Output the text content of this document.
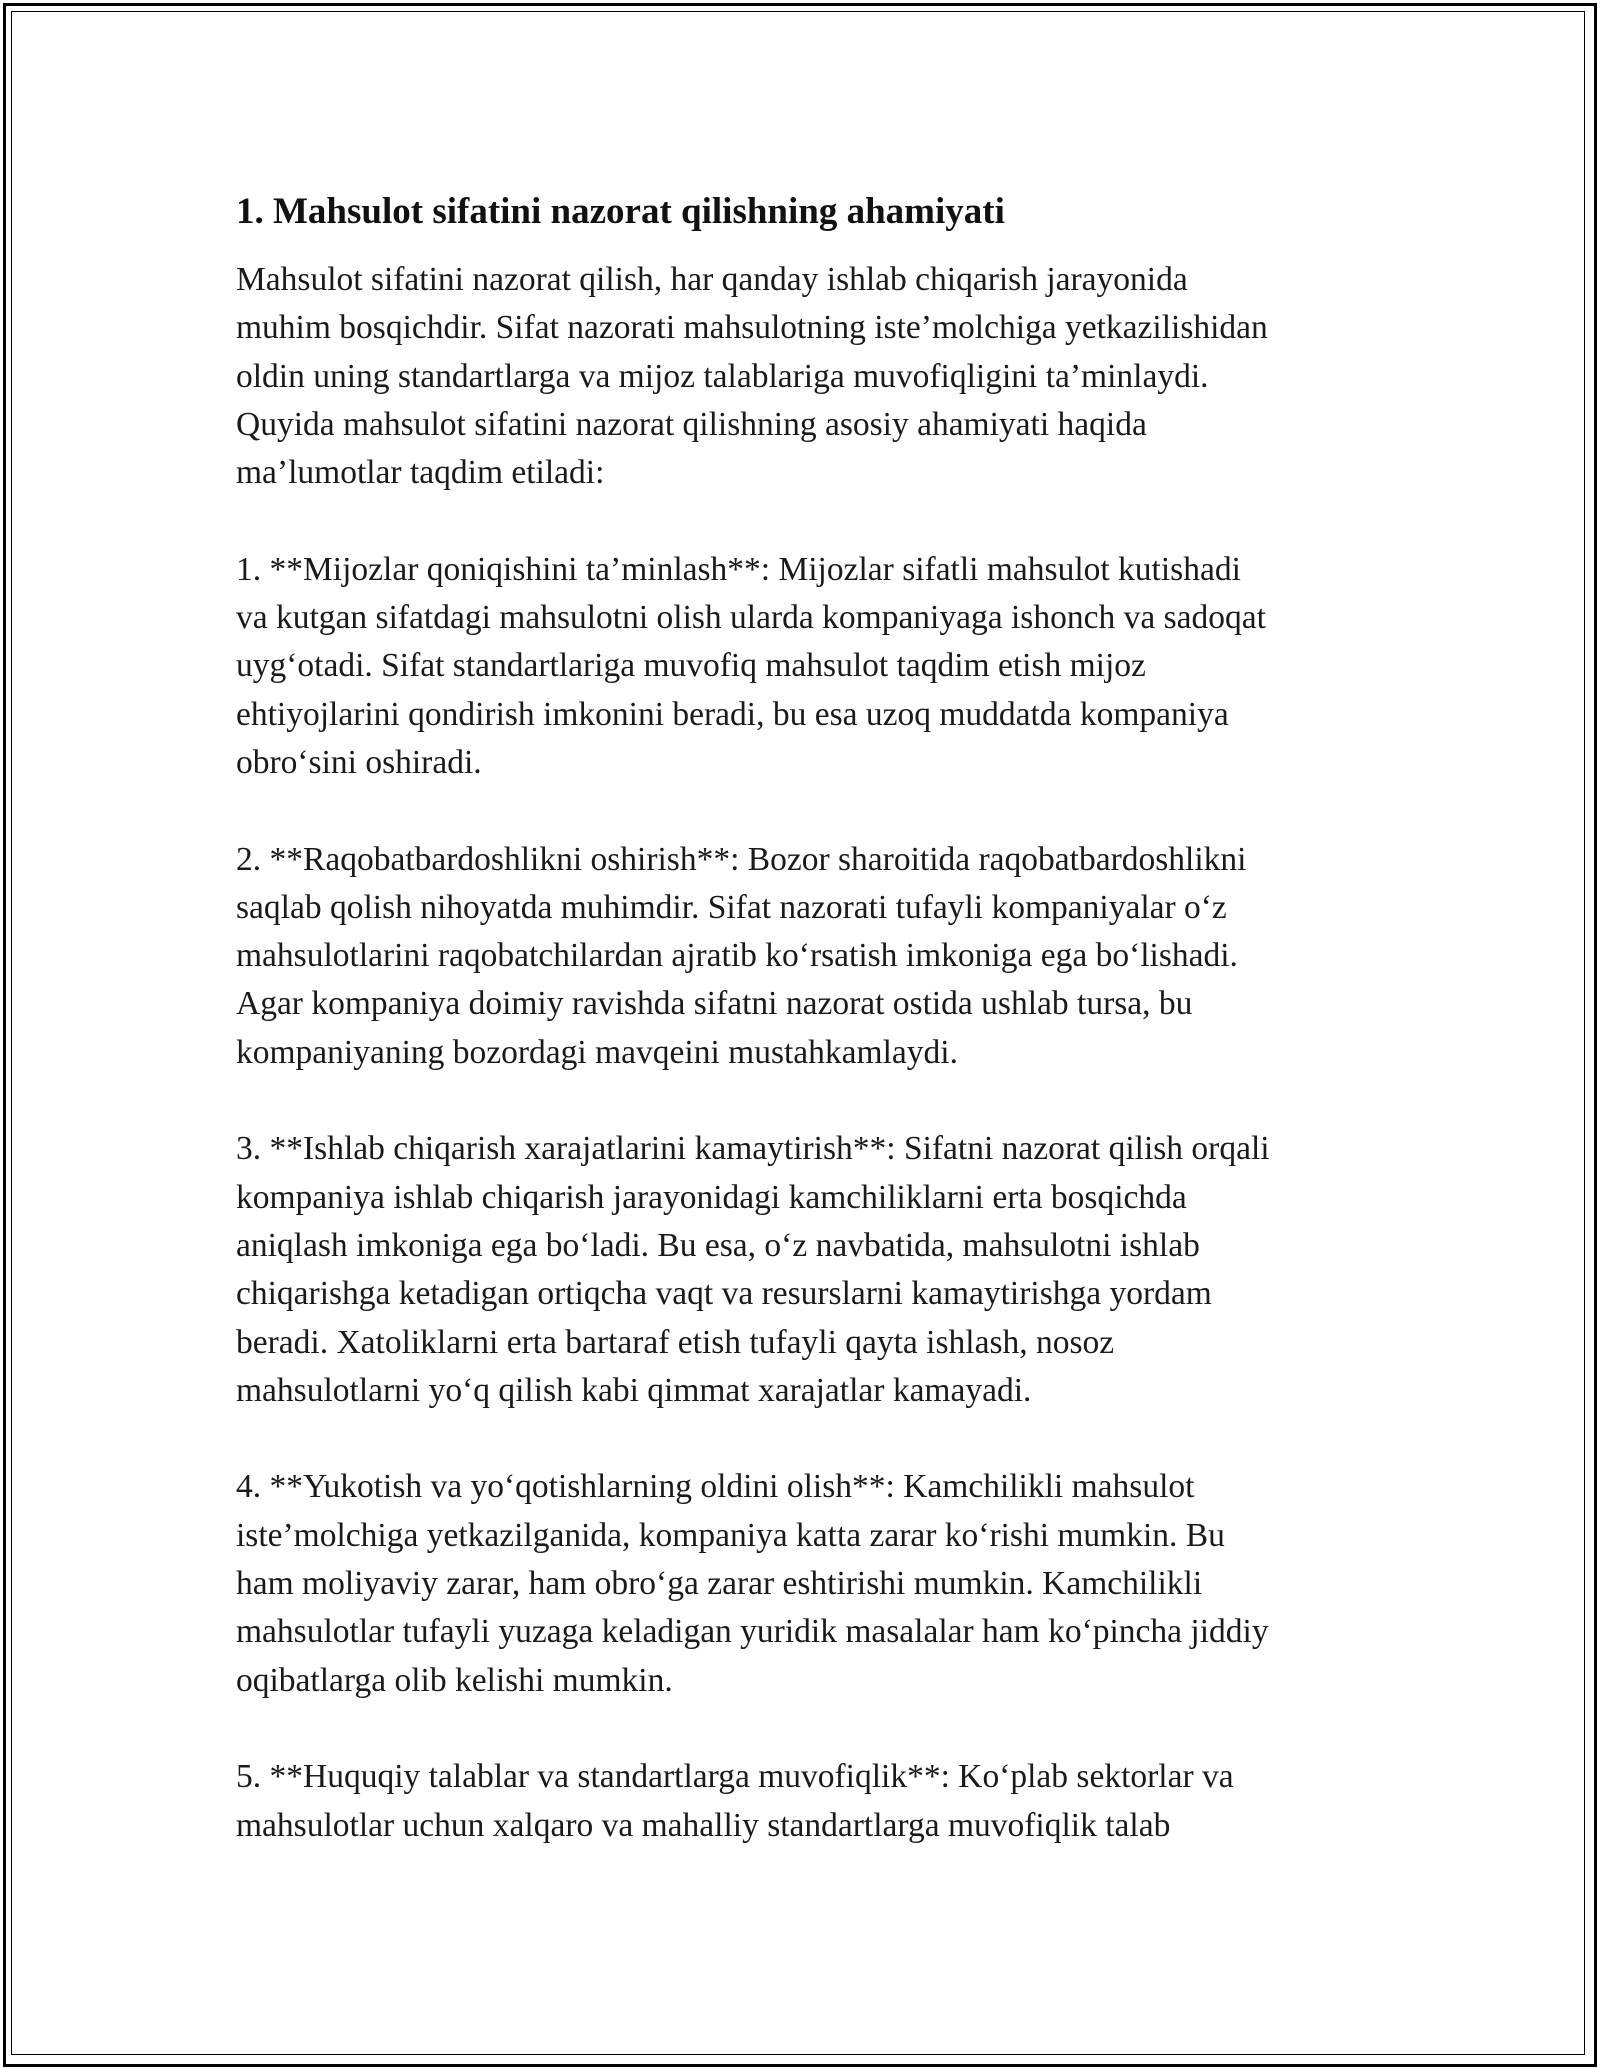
1. Mahsulot sifatini nazorat qilishning ahamiyati

Mahsulot sifatini nazorat qilish, har qanday ishlab chiqarish jarayonida
muhim bosqichdir. Sifat nazorati mahsulotning iste’molchiga yetkazilishidan
oldin uning standartlarga va mijoz talablariga muvofiqligini ta’minlaydi.
Quyida mahsulot sifatini nazorat qilishning asosiy ahamiyati haqida
ma’lumotlar taqdim etiladi:

1. **Mijozlar qoniqishini ta’minlash**: Mijozlar sifatli mahsulot kutishadi
va kutgan sifatdagi mahsulotni olish ularda kompaniyaga ishonch va sadoqat
uygʻotadi. Sifat standartlariga muvofiq mahsulot taqdim etish mijoz
ehtiyojlarini qondirish imkonini beradi, bu esa uzoq muddatda kompaniya
obroʻsini oshiradi.

2. **Raqobatbardoshlikni oshirish**: Bozor sharoitida raqobatbardoshlikni
saqlab qolish nihoyatda muhimdir. Sifat nazorati tufayli kompaniyalar oʻz
mahsulotlarini raqobatchilardan ajratib koʻrsatish imkoniga ega boʻlishadi.
Agar kompaniya doimiy ravishda sifatni nazorat ostida ushlab tursa, bu
kompaniyaning bozordagi mavqeini mustahkamlaydi.

3. **Ishlab chiqarish xarajatlarini kamaytirish**: Sifatni nazorat qilish orqali
kompaniya ishlab chiqarish jarayonidagi kamchiliklarni erta bosqichda
aniqlash imkoniga ega boʻladi. Bu esa, oʻz navbatida, mahsulotni ishlab
chiqarishga ketadigan ortiqcha vaqt va resurslarni kamaytirishga yordam
beradi. Xatoliklarni erta bartaraf etish tufayli qayta ishlash, nosoz
mahsulotlarni yoʻq qilish kabi qimmat xarajatlar kamayadi.

4. **Yukotish va yoʻqotishlarning oldini olish**: Kamchilikli mahsulot
iste’molchiga yetkazilganida, kompaniya katta zarar koʻrishi mumkin. Bu
ham moliyaviy zarar, ham obroʻga zarar eshtirishi mumkin. Kamchilikli
mahsulotlar tufayli yuzaga keladigan yuridik masalalar ham koʻpincha jiddiy
oqibatlarga olib kelishi mumkin.

5. **Huquqiy talablar va standartlarga muvofiqlik**: Koʻplab sektorlar va
mahsulotlar uchun xalqaro va mahalliy standartlarga muvofiqlik talab
